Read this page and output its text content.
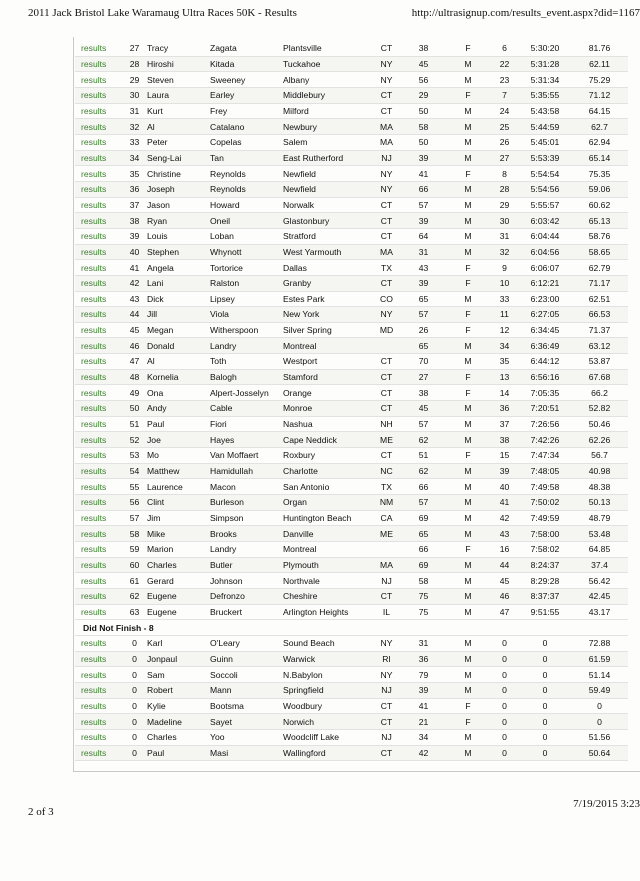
2011 Jack Bristol Lake Waramaug Ultra Races 50K - Results	http://ultrasignup.com/results_event.aspx?did=1167
results	27	Tracy	Zagata	Plantsville	CT	38	F	6	5:30:20	81.76
results	28	Hiroshi	Kitada	Tuckahoe	NY	45	M	22	5:31:28	62.11
results	29	Steven	Sweeney	Albany	NY	56	M	23	5:31:34	75.29
results	30	Laura	Earley	Middlebury	CT	29	F	7	5:35:55	71.12
results	31	Kurt	Frey	Milford	CT	50	M	24	5:43:58	64.15
results	32	Al	Catalano	Newbury	MA	58	M	25	5:44:59	62.7
results	33	Peter	Copelas	Salem	MA	50	M	26	5:45:01	62.94
results	34	Seng-Lai	Tan	East Rutherford	NJ	39	M	27	5:53:39	65.14
results	35	Christine	Reynolds	Newfield	NY	41	F	8	5:54:54	75.35
results	36	Joseph	Reynolds	Newfield	NY	66	M	28	5:54:56	59.06
results	37	Jason	Howard	Norwalk	CT	57	M	29	5:55:57	60.62
results	38	Ryan	Oneil	Glastonbury	CT	39	M	30	6:03:42	65.13
results	39	Louis	Loban	Stratford	CT	64	M	31	6:04:44	58.76
results	40	Stephen	Whynott	West Yarmouth	MA	31	M	32	6:04:56	58.65
results	41	Angela	Tortorice	Dallas	TX	43	F	9	6:06:07	62.79
results	42	Lani	Ralston	Granby	CT	39	F	10	6:12:21	71.17
results	43	Dick	Lipsey	Estes Park	CO	65	M	33	6:23:00	62.51
results	44	Jill	Viola	New York	NY	57	F	11	6:27:05	66.53
results	45	Megan	Witherspoon	Silver Spring	MD	26	F	12	6:34:45	71.37
results	46	Donald	Landry	Montreal		65	M	34	6:36:49	63.12
results	47	Al	Toth	Westport	CT	70	M	35	6:44:12	53.87
results	48	Kornelia	Balogh	Stamford	CT	27	F	13	6:56:16	67.68
results	49	Ona	Alpert-Josselyn	Orange	CT	38	F	14	7:05:35	66.2
results	50	Andy	Cable	Monroe	CT	45	M	36	7:20:51	52.82
results	51	Paul	Fiori	Nashua	NH	57	M	37	7:26:56	50.46
results	52	Joe	Hayes	Cape Neddick	ME	62	M	38	7:42:26	62.26
results	53	Mo	Van Moffaert	Roxbury	CT	51	F	15	7:47:34	56.7
results	54	Matthew	Hamidullah	Charlotte	NC	62	M	39	7:48:05	40.98
results	55	Laurence	Macon	San Antonio	TX	66	M	40	7:49:58	48.38
results	56	Clint	Burleson	Organ	NM	57	M	41	7:50:02	50.13
results	57	Jim	Simpson	Huntington Beach	CA	69	M	42	7:49:59	48.79
results	58	Mike	Brooks	Danville	ME	65	M	43	7:58:00	53.48
results	59	Marion	Landry	Montreal		66	F	16	7:58:02	64.85
results	60	Charles	Butler	Plymouth	MA	69	M	44	8:24:37	37.4
results	61	Gerard	Johnson	Northvale	NJ	58	M	45	8:29:28	56.42
results	62	Eugene	Defronzo	Cheshire	CT	75	M	46	8:37:37	42.45
results	63	Eugene	Bruckert	Arlington Heights	IL	75	M	47	9:51:55	43.17
Did Not Finish - 8										
results	0	Karl	O'Leary	Sound Beach	NY	31	M	0	0	72.88
results	0	Jonpaul	Guinn	Warwick	RI	36	M	0	0	61.59
results	0	Sam	Soccoli	N.Babylon	NY	79	M	0	0	51.14
results	0	Robert	Mann	Springfield	NJ	39	M	0	0	59.49
results	0	Kylie	Bootsma	Woodbury	CT	41	F	0	0	0
results	0	Madeline	Sayet	Norwich	CT	21	F	0	0	0
results	0	Charles	Yoo	Woodcliff Lake	NJ	34	M	0	0	51.56
results	0	Paul	Masi	Wallingford	CT	42	M	0	0	50.64
2 of 3
7/19/2015 3:23
